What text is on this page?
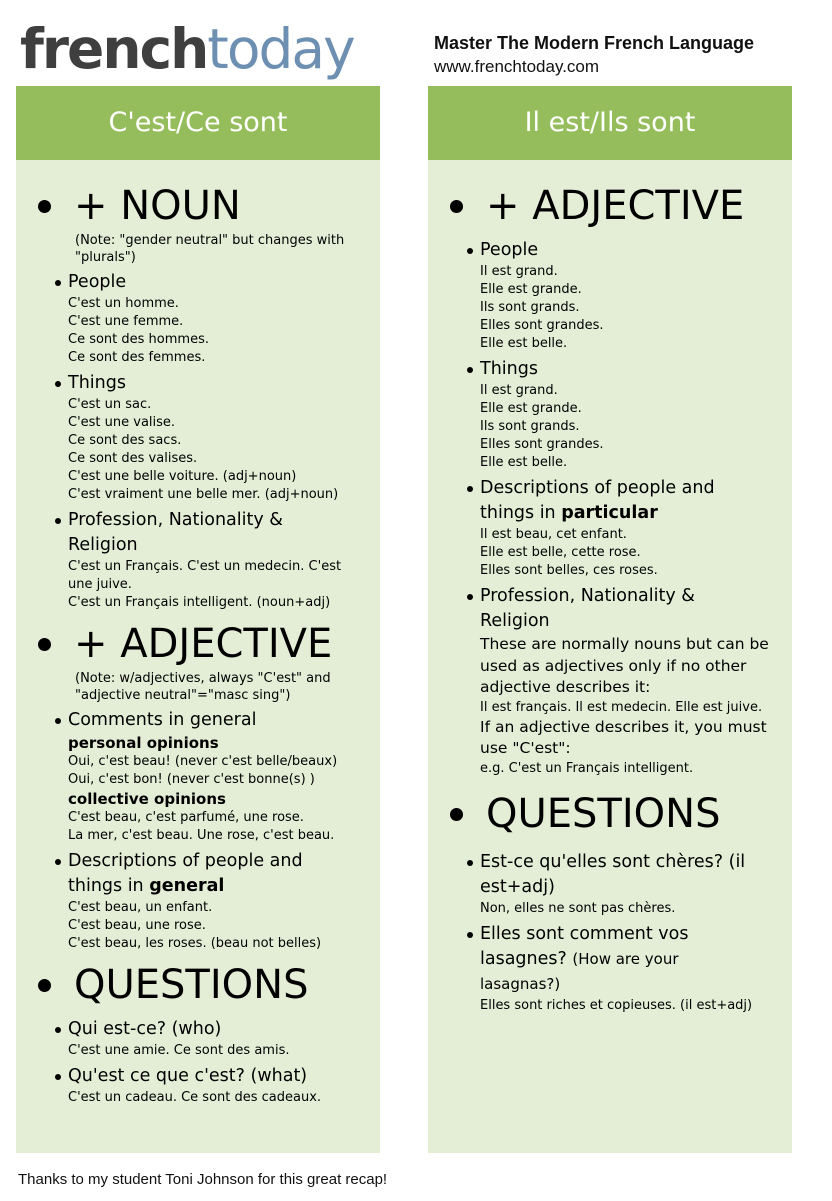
frenchtoday	Master The Modern French Language
www.frenchtoday.com
C'est/Ce sont
+ NOUN
(Note: "gender neutral" but changes with "plurals")
People
C'est un homme.
C'est une femme.
Ce sont des hommes.
Ce sont des femmes.
Things
C'est un sac.
C'est une valise.
Ce sont des sacs.
Ce sont des valises.
C'est une belle voiture. (adj+noun)
C'est vraiment une belle mer. (adj+noun)
Profession, Nationality & Religion
C'est un Français. C'est un medecin. C'est une juive.
C'est un Français intelligent. (noun+adj)
+ ADJECTIVE
(Note: w/adjectives, always "C'est" and "adjective neutral"="masc sing")
Comments in general
personal opinions
Oui, c'est beau! (never c'est belle/beaux)
Oui, c'est bon! (never c'est bonne(s) )
collective opinions
C'est beau, c'est parfumé, une rose.
La mer, c'est beau. Une rose, c'est beau.
Descriptions of people and things in general
C'est beau, un enfant.
C'est beau, une rose.
C'est beau, les roses. (beau not belles)
QUESTIONS
Qui est-ce? (who)
C'est une amie. Ce sont des amis.
Qu'est ce que c'est? (what)
C'est un cadeau. Ce sont des cadeaux.
Il est/Ils sont
+ ADJECTIVE
People
Il est grand.
Elle est grande.
Ils sont grands.
Elles sont grandes.
Elle est belle.
Things
Il est grand.
Elle est grande.
Ils sont grands.
Elles sont grandes.
Elle est belle.
Descriptions of people and things in particular
Il est beau, cet enfant.
Elle est belle, cette rose.
Elles sont belles, ces roses.
Profession, Nationality & Religion
These are normally nouns but can be used as adjectives only if no other adjective describes it:
Il est français. Il est medecin. Elle est juive.
If an adjective describes it, you must use "C'est":
e.g. C'est un Français intelligent.
QUESTIONS
Est-ce qu'elles sont chères? (il est+adj)
Non, elles ne sont pas chères.
Elles sont comment vos lasagnes? (How are your lasagnas?)
Elles sont riches et copieuses. (il est+adj)
Thanks to my student Toni Johnson for this great recap!
